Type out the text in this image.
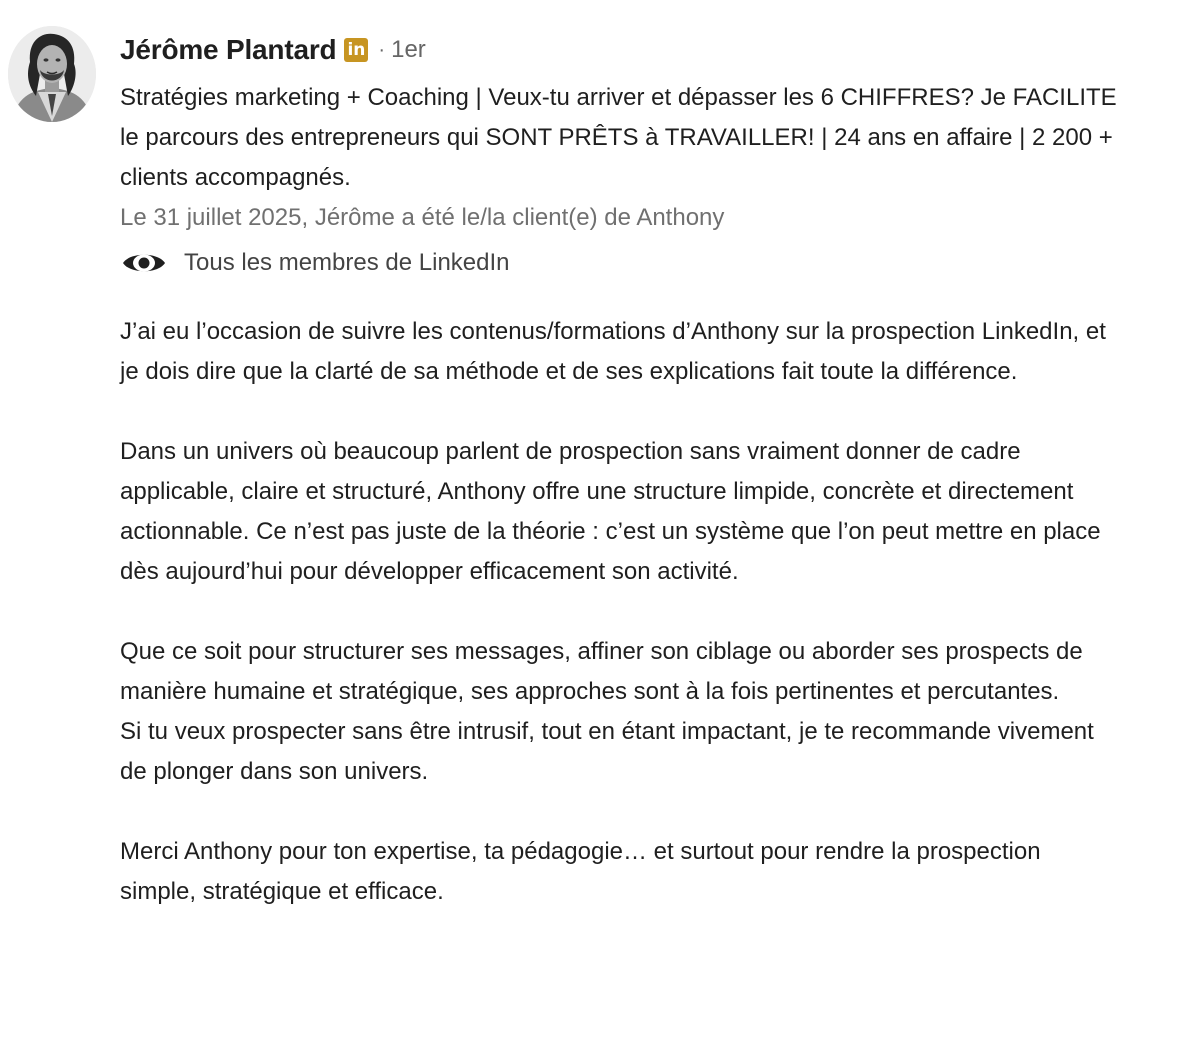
Jérôme Plantard in · 1er
Stratégies marketing + Coaching | Veux-tu arriver et dépasser les 6 CHIFFRES? Je FACILITE le parcours des entrepreneurs qui SONT PRÊTS à TRAVAILLER! | 24 ans en affaire | 2 200 + clients accompagnés.
Le 31 juillet 2025, Jérôme a été le/la client(e) de Anthony
Tous les membres de LinkedIn

J’ai eu l’occasion de suivre les contenus/formations d’Anthony sur la prospection LinkedIn, et je dois dire que la clarté de sa méthode et de ses explications fait toute la différence.

Dans un univers où beaucoup parlent de prospection sans vraiment donner de cadre applicable, claire et structuré, Anthony offre une structure limpide, concrète et directement actionnable. Ce n’est pas juste de la théorie : c’est un système que l’on peut mettre en place dès aujourd’hui pour développer efficacement son activité.

Que ce soit pour structurer ses messages, affiner son ciblage ou aborder ses prospects de manière humaine et stratégique, ses approches sont à la fois pertinentes et percutantes.

Si tu veux prospecter sans être intrusif, tout en étant impactant, je te recommande vivement de plonger dans son univers.

Merci Anthony pour ton expertise, ta pédagogie… et surtout pour rendre la prospection simple, stratégique et efficace.
